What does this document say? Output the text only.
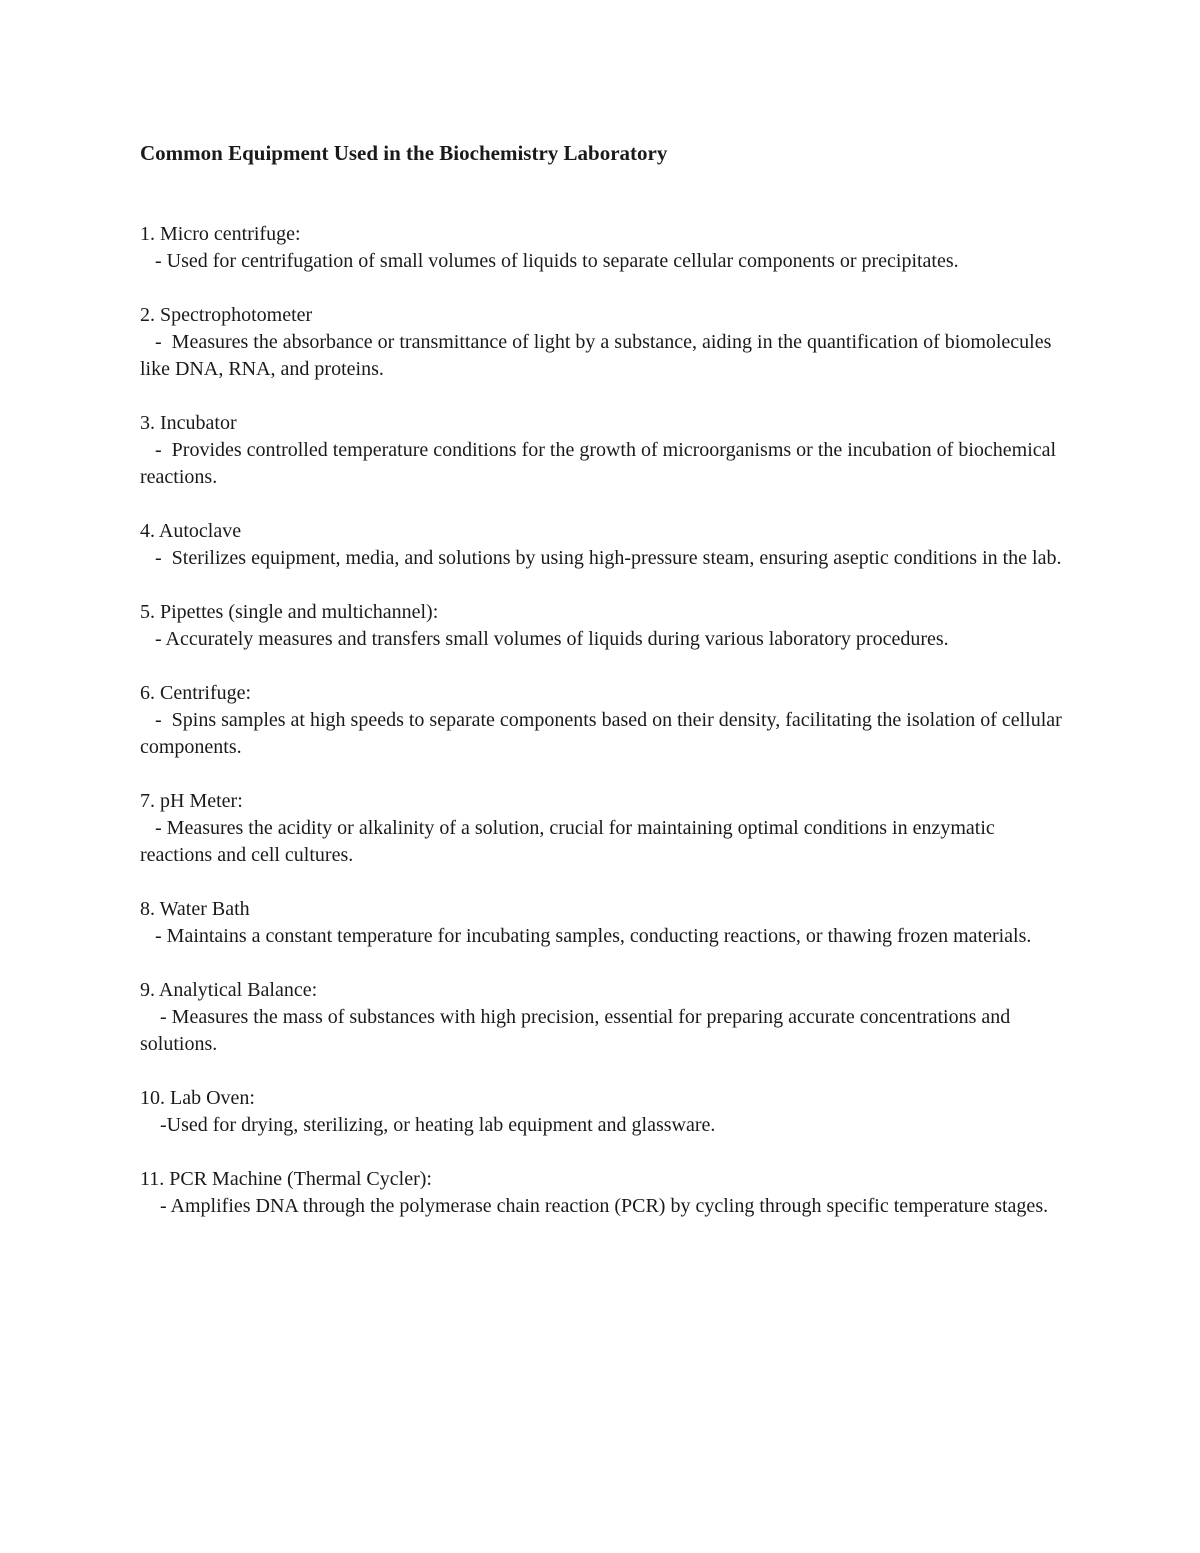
Common Equipment Used in the Biochemistry Laboratory
1. Micro centrifuge:
- Used for centrifugation of small volumes of liquids to separate cellular components or precipitates.
2. Spectrophotometer
-  Measures the absorbance or transmittance of light by a substance, aiding in the quantification of biomolecules like DNA, RNA, and proteins.
3. Incubator
-  Provides controlled temperature conditions for the growth of microorganisms or the incubation of biochemical reactions.
4. Autoclave
-  Sterilizes equipment, media, and solutions by using high-pressure steam, ensuring aseptic conditions in the lab.
5. Pipettes (single and multichannel):
- Accurately measures and transfers small volumes of liquids during various laboratory procedures.
6. Centrifuge:
-  Spins samples at high speeds to separate components based on their density, facilitating the isolation of cellular components.
7. pH Meter:
- Measures the acidity or alkalinity of a solution, crucial for maintaining optimal conditions in enzymatic reactions and cell cultures.
8. Water Bath
- Maintains a constant temperature for incubating samples, conducting reactions, or thawing frozen materials.
9. Analytical Balance:
- Measures the mass of substances with high precision, essential for preparing accurate concentrations and solutions.
10. Lab Oven:
-Used for drying, sterilizing, or heating lab equipment and glassware.
11. PCR Machine (Thermal Cycler):
- Amplifies DNA through the polymerase chain reaction (PCR) by cycling through specific temperature stages.
